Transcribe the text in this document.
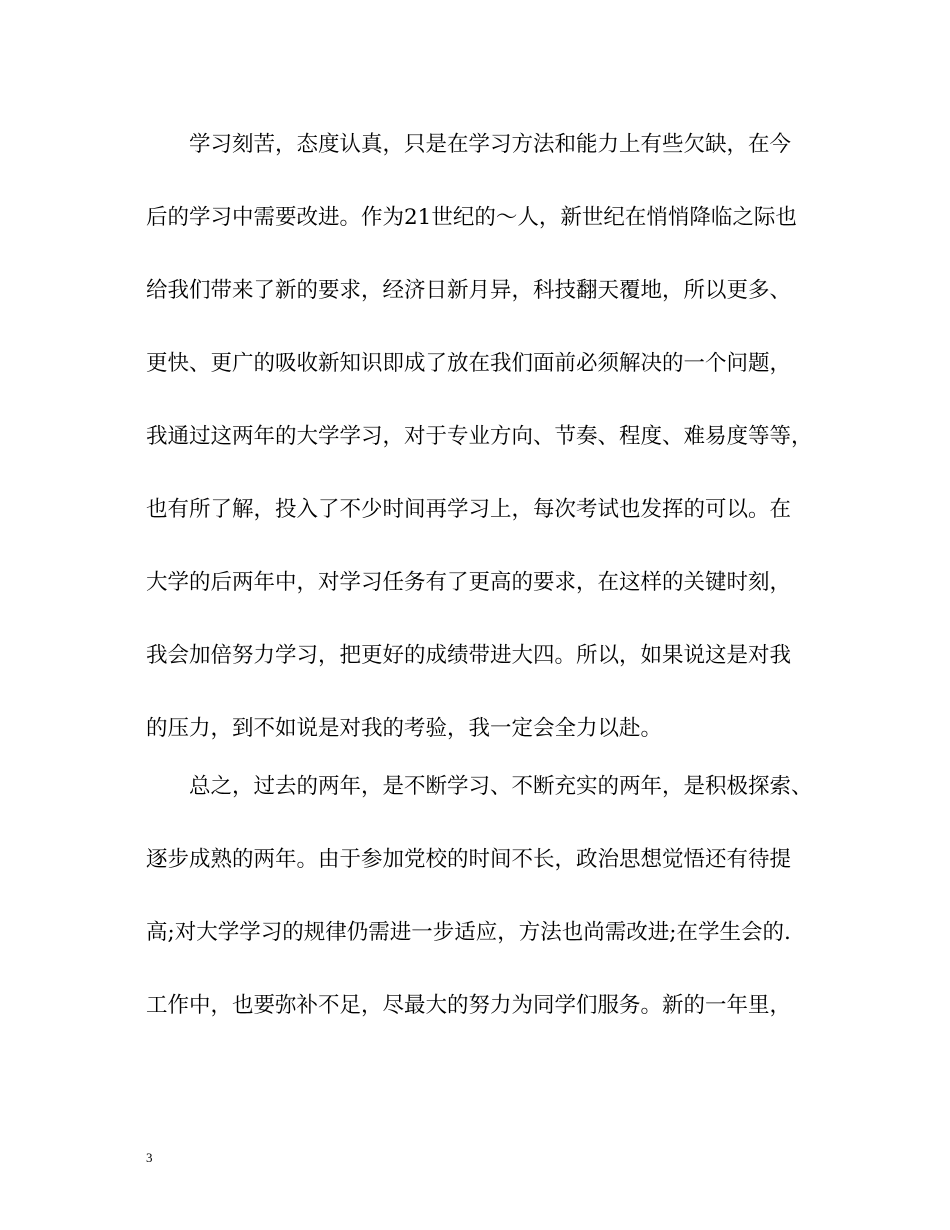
学习刻苦，态度认真，只是在学习方法和能力上有些欠缺，在今
后的学习中需要改进。作为21世纪的～人，新世纪在悄悄降临之际也
给我们带来了新的要求，经济日新月异，科技翻天覆地，所以更多、
更快、更广的吸收新知识即成了放在我们面前必须解决的一个问题，
我通过这两年的大学学习，对于专业方向、节奏、程度、难易度等等，
也有所了解，投入了不少时间再学习上，每次考试也发挥的可以。在
大学的后两年中，对学习任务有了更高的要求，在这样的关键时刻，
我会加倍努力学习，把更好的成绩带进大四。所以，如果说这是对我
的压力，到不如说是对我的考验，我一定会全力以赴。
总之，过去的两年，是不断学习、不断充实的两年，是积极探索、
逐步成熟的两年。由于参加党校的时间不长，政治思想觉悟还有待提
高;对大学学习的规律仍需进一步适应，方法也尚需改进;在学生会的.
工作中，也要弥补不足，尽最大的努力为同学们服务。新的一年里，
3
